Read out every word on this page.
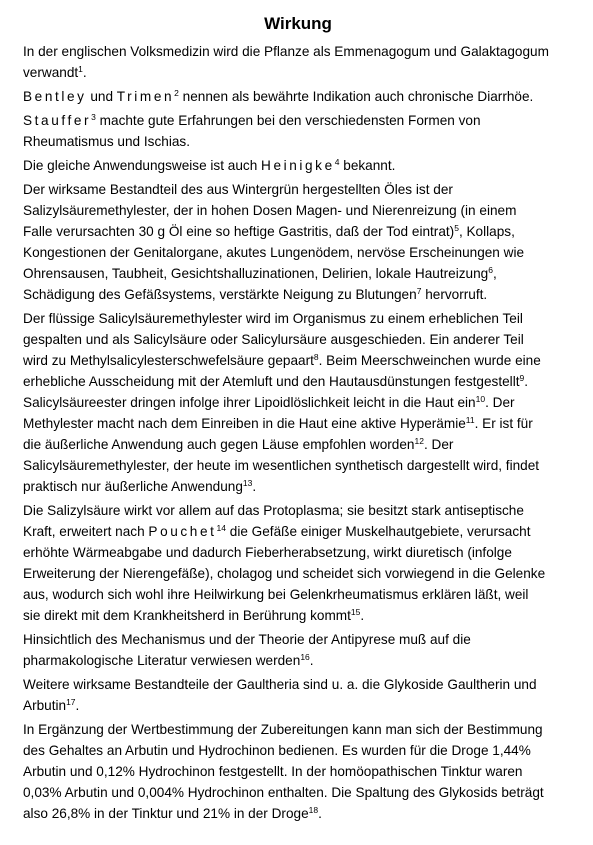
Wirkung

In der englischen Volksmedizin wird die Pflanze als Emmenagogum und Galaktagogum
verwandt$^1$.

Bentley und Trimen$^2$ nennen als bewährte Indikation auch chronische Diarrhöe.

Stauffer$^3$ machte gute Erfahrungen bei den verschiedensten Formen von
Rheumatismus und Ischias.

Die gleiche Anwendungsweise ist auch Heinigke$^4$ bekannt.

Der wirksame Bestandteil des aus Wintergrün hergestellten Öles ist der
Salizylsäuremethylester, der in hohen Dosen Magen- und Nierenreizung (in einem
Falle verursachten 30 g Öl eine so heftige Gastritis, daß der Tod eintrat)$^5$, Kollaps,
Kongestionen der Genitalorgane, akutes Lungenödem, nervöse Erscheinungen wie
Ohrensausen, Taubheit, Gesichtshalluzinationen, Delirien, lokale Hautreizung$^6$,
Schädigung des Gefäßsystems, verstärkte Neigung zu Blutungen$^7$ hervorruft.

Der flüssige Salicylsäuremethylester wird im Organismus zu einem erheblichen Teil
gespalten und als Salicylsäure oder Salicylursäure ausgeschieden. Ein anderer Teil
wird zu Methylsalicylesterschwefelsäure gepaart$^8$. Beim Meerschweinchen wurde eine
erhebliche Ausscheidung mit der Atemluft und den Hautausdünstungen festgestellt$^9$.
Salicylsäureester dringen infolge ihrer Lipoidlöslichkeit leicht in die Haut ein$^{10}$. Der
Methylester macht nach dem Einreiben in die Haut eine aktive Hyperämie$^{11}$. Er ist für
die äußerliche Anwendung auch gegen Läuse empfohlen worden$^{12}$. Der
Salicylsäuremethylester, der heute im wesentlichen synthetisch dargestellt wird, findet
praktisch nur äußerliche Anwendung$^{13}$.

Die Salizylsäure wirkt vor allem auf das Protoplasma; sie besitzt stark antiseptische
Kraft, erweitert nach Pouchet$^{14}$ die Gefäße einiger Muskelhautgebiete, verursacht
erhöhte Wärmeabgabe und dadurch Fieberherabsetzung, wirkt diuretisch (infolge
Erweiterung der Nierengefäße), cholagog und scheidet sich vorwiegend in die Gelenke
aus, wodurch sich wohl ihre Heilwirkung bei Gelenkrheumatismus erklären läßt, weil
sie direkt mit dem Krankheitsherd in Berührung kommt$^{15}$.

Hinsichtlich des Mechanismus und der Theorie der Antipyrese muß auf die
pharmakologische Literatur verwiesen werden$^{16}$.

Weitere wirksame Bestandteile der Gaultheria sind u. a. die Glykoside Gaultherin und
Arbutin$^{17}$.

In Ergänzung der Wertbestimmung der Zubereitungen kann man sich der Bestimmung
des Gehaltes an Arbutin und Hydrochinon bedienen. Es wurden für die Droge 1,44%
Arbutin und 0,12% Hydrochinon festgestellt. In der homöopathischen Tinktur waren
0,03% Arbutin und 0,004% Hydrochinon enthalten. Die Spaltung des Glykosids beträgt
also 26,8% in der Tinktur und 21% in der Droge$^{18}$.
